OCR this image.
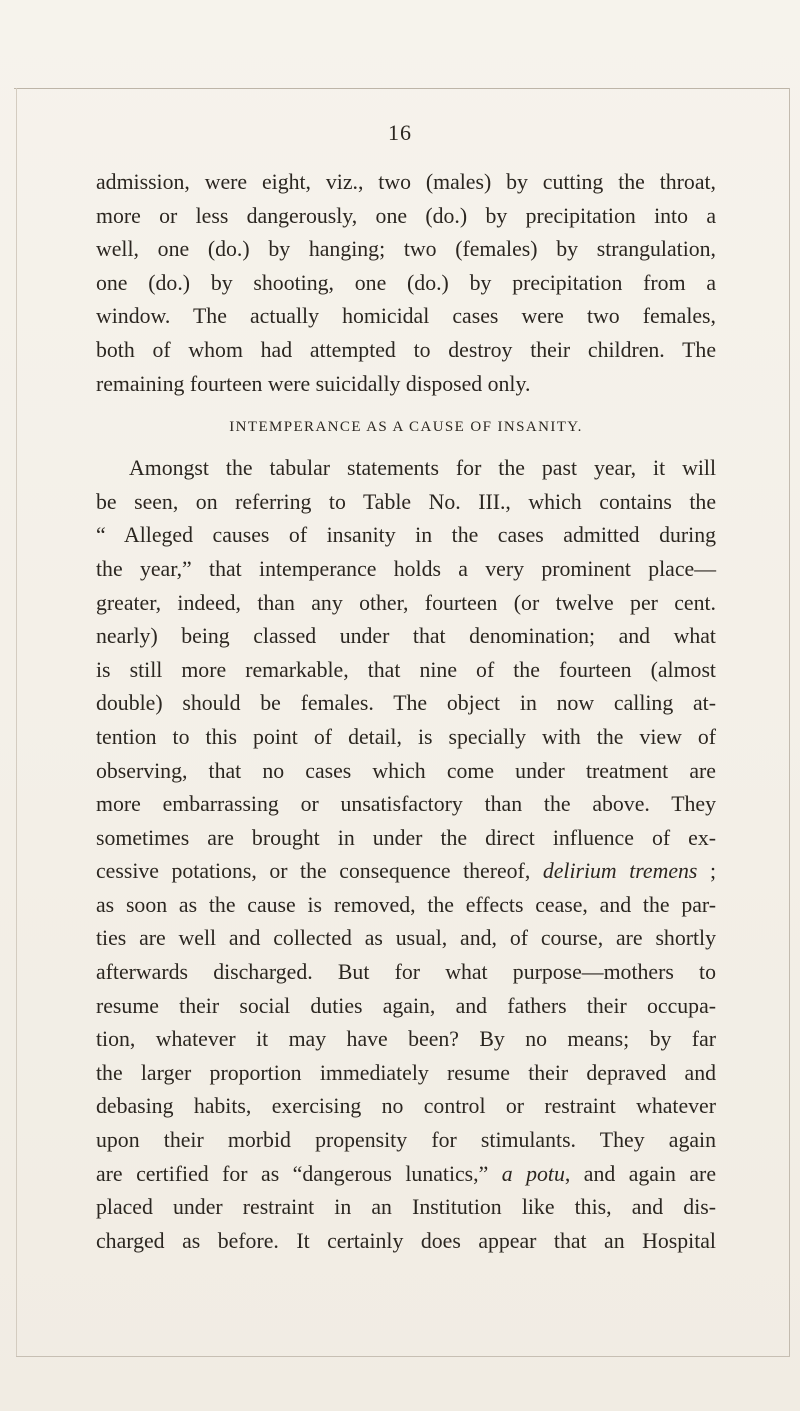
16
admission, were eight, viz., two (males) by cutting the throat,
more or less dangerously, one (do.) by precipitation into a
well, one (do.) by hanging; two (females) by strangulation,
one (do.) by shooting, one (do.) by precipitation from a
window. The actually homicidal cases were two females,
both of whom had attempted to destroy their children. The
remaining fourteen were suicidally disposed only.
INTEMPERANCE AS A CAUSE OF INSANITY.
Amongst the tabular statements for the past year, it will
be seen, on referring to Table No. III., which contains the
“ Alleged causes of insanity in the cases admitted during
the year,” that intemperance holds a very prominent place—
greater, indeed, than any other, fourteen (or twelve per cent.
nearly) being classed under that denomination; and what
is still more remarkable, that nine of the fourteen (almost
double) should be females. The object in now calling at-
tention to this point of detail, is specially with the view of
observing, that no cases which come under treatment are
more embarrassing or unsatisfactory than the above. They
sometimes are brought in under the direct influence of ex-
cessive potations, or the consequence thereof, delirium tremens ;
as soon as the cause is removed, the effects cease, and the par-
ties are well and collected as usual, and, of course, are shortly
afterwards discharged. But for what purpose—mothers to
resume their social duties again, and fathers their occupa-
tion, whatever it may have been? By no means; by far
the larger proportion immediately resume their depraved and
debasing habits, exercising no control or restraint whatever
upon their morbid propensity for stimulants. They again
are certified for as “dangerous lunatics,” a potu, and again are
placed under restraint in an Institution like this, and dis-
charged as before. It certainly does appear that an Hospital
